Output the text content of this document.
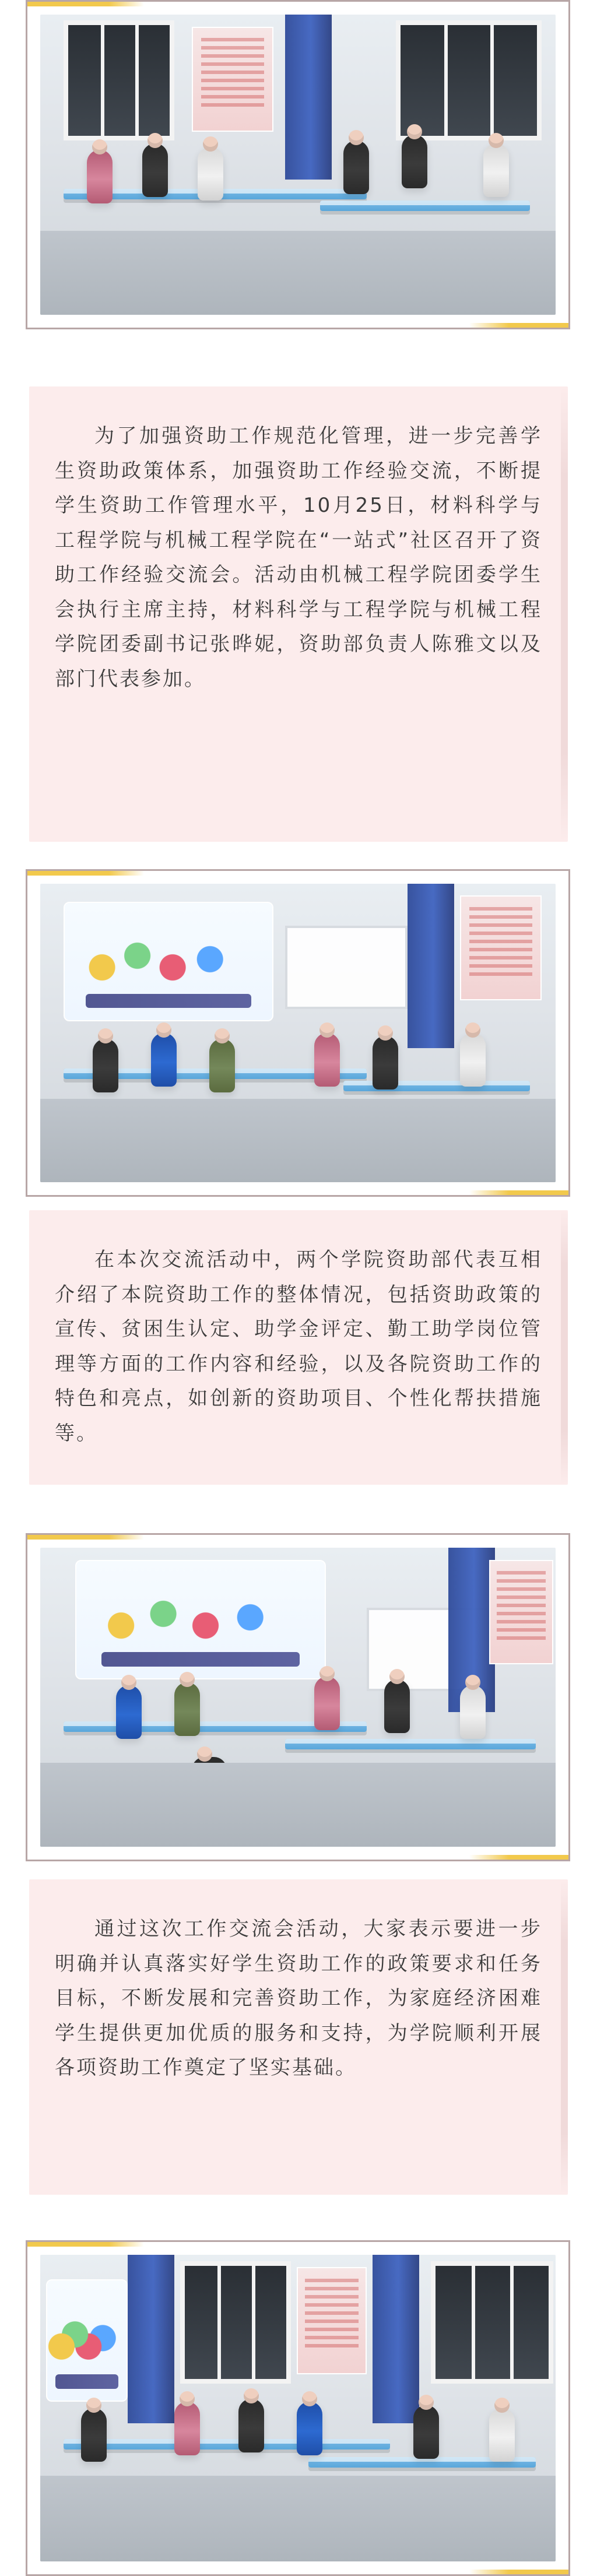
为了加强资助工作规范化管理，进一步完善学生资助政策体系，加强资助工作经验交流，不断提学生资助工作管理水平，10月25日，材料科学与工程学院与机械工程学院在“一站式”社区召开了资助工作经验交流会。活动由机械工程学院团委学生会执行主席主持，材料科学与工程学院与机械工程学院团委副书记张晔妮，资助部负责人陈雅文以及部门代表参加。

在本次交流活动中，两个学院资助部代表互相介绍了本院资助工作的整体情况，包括资助政策的宣传、贫困生认定、助学金评定、勤工助学岗位管理等方面的工作内容和经验，以及各院资助工作的特色和亮点，如创新的资助项目、个性化帮扶措施等。

通过这次工作交流会活动，大家表示要进一步明确并认真落实好学生资助工作的政策要求和任务目标，不断发展和完善资助工作，为家庭经济困难学生提供更加优质的服务和支持，为学院顺利开展各项资助工作奠定了坚实基础。
